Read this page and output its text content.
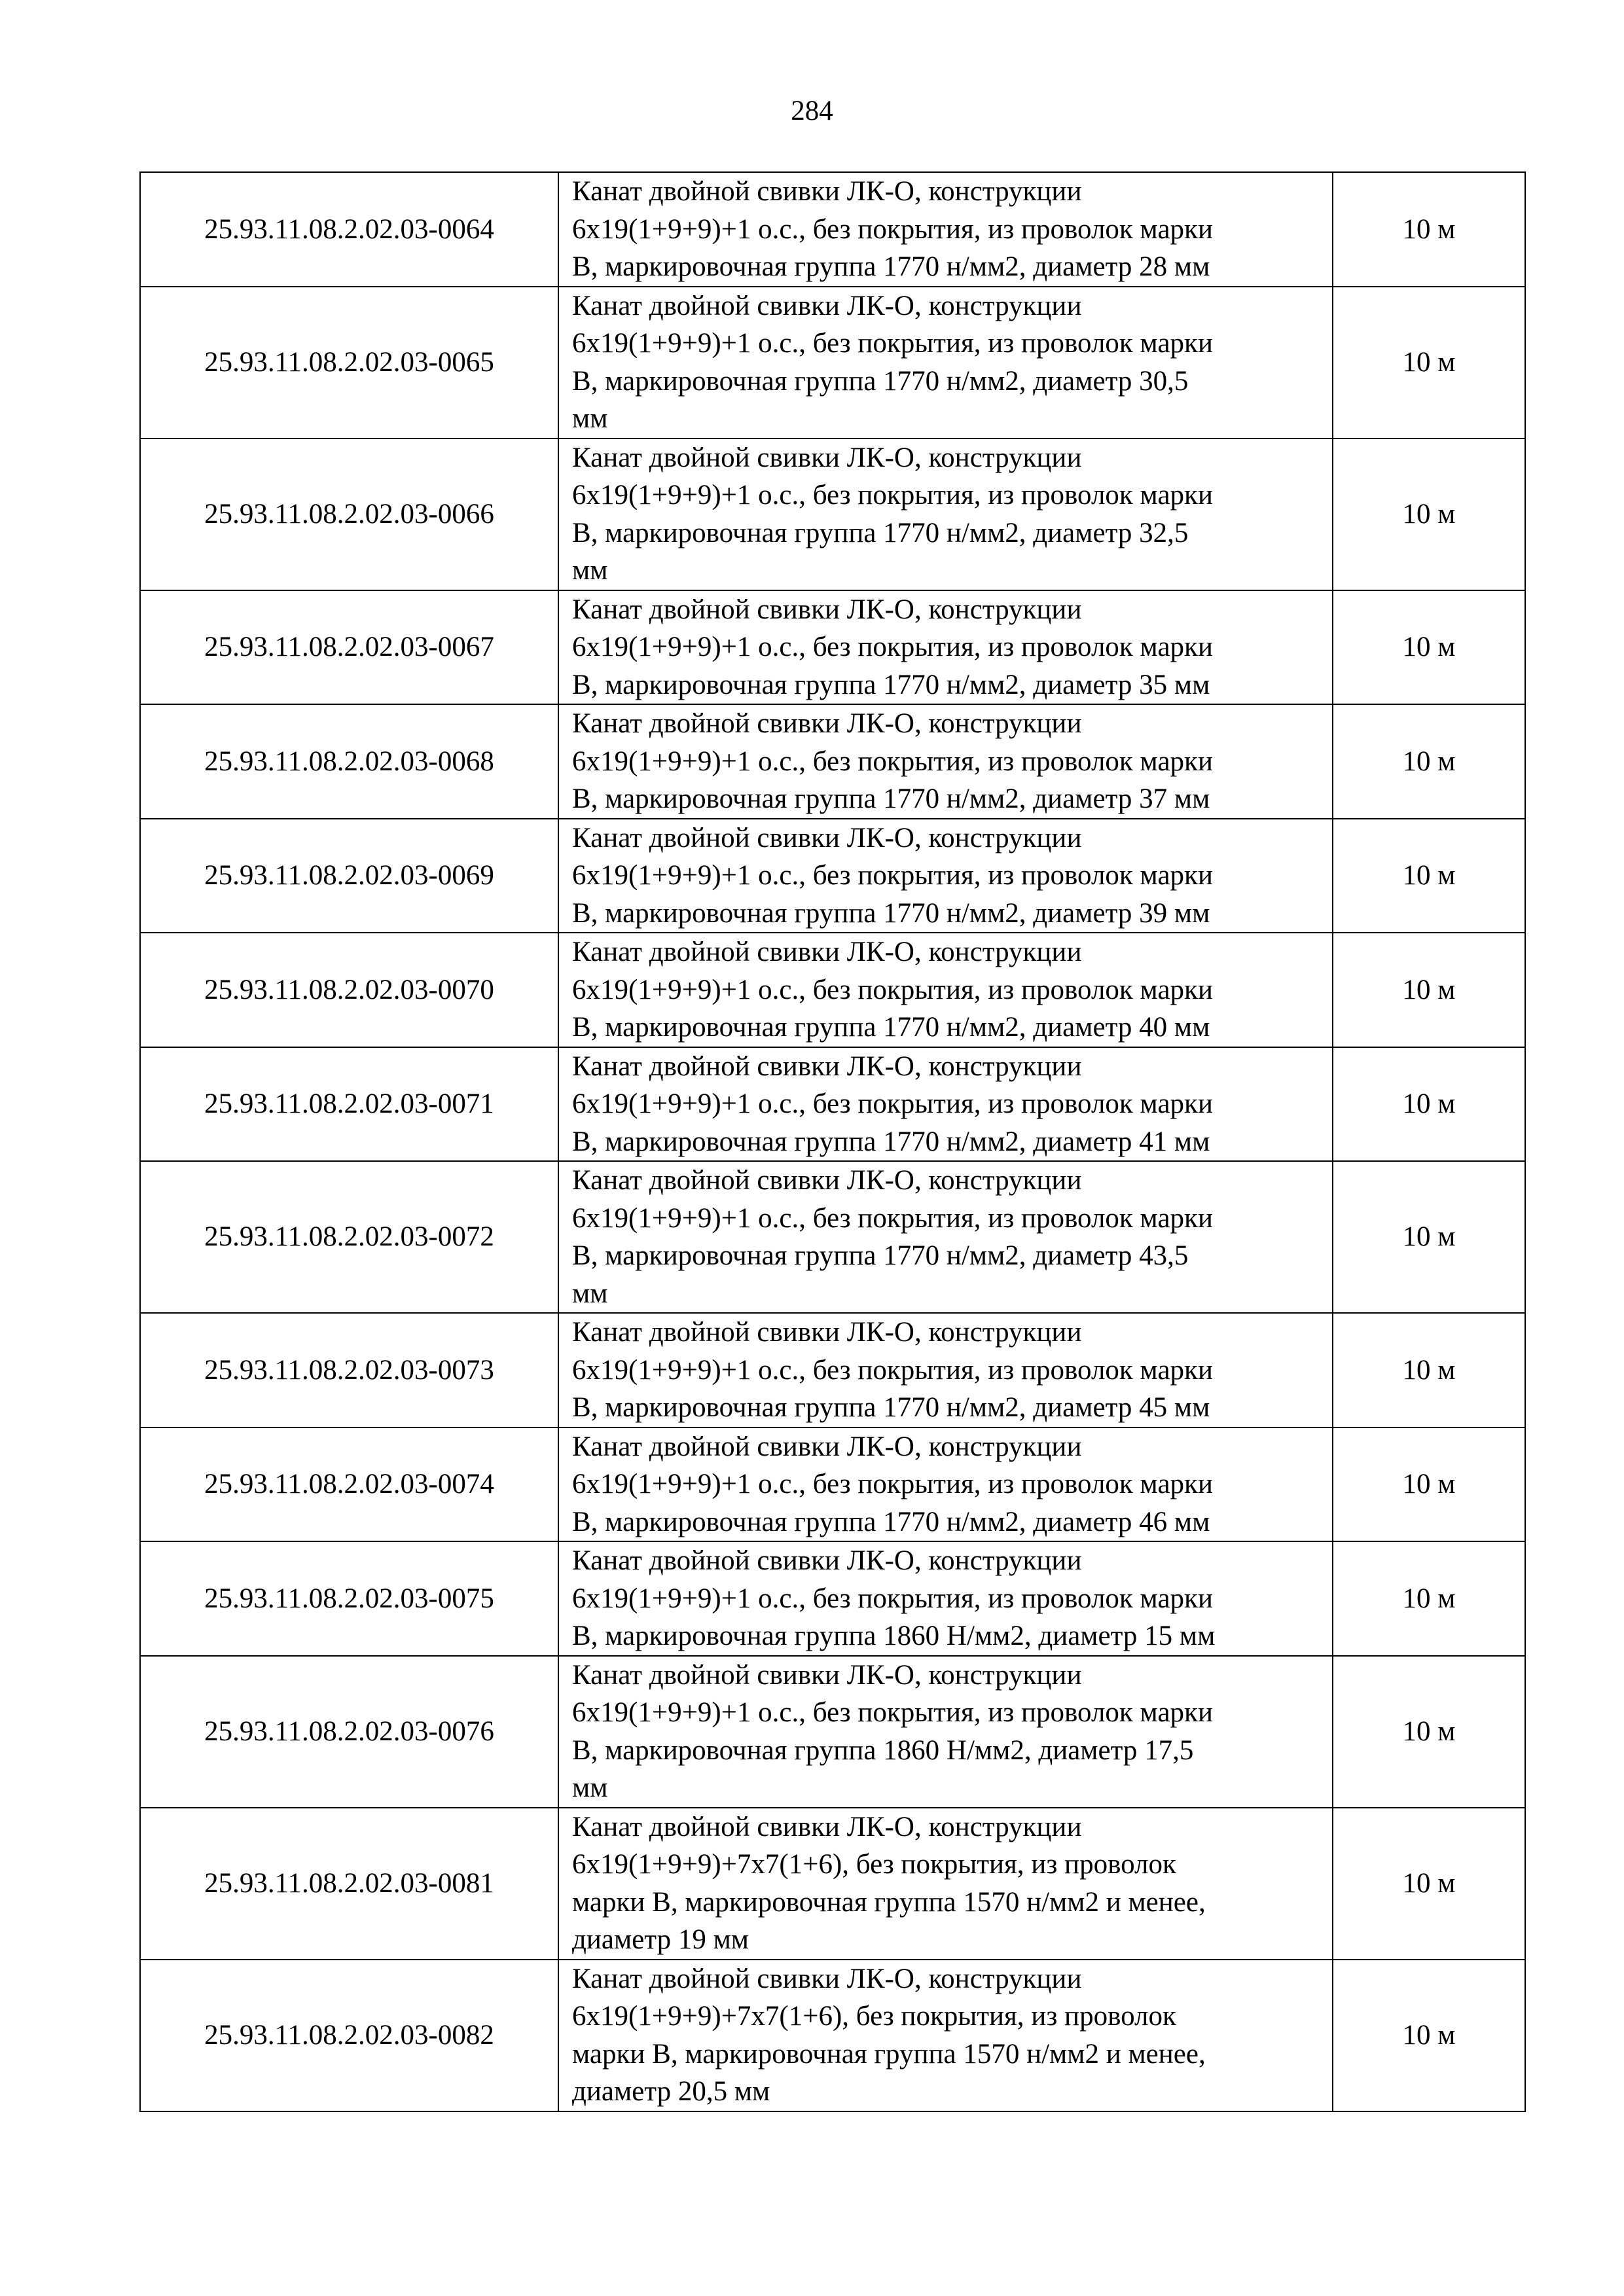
284
25.93.11.08.2.02.03-0064	Канат двойной свивки ЛК-О, конструкции
6х19(1+9+9)+1 о.с., без покрытия, из проволок марки
В, маркировочная группа 1770 н/мм2, диаметр 28 мм	10 м
25.93.11.08.2.02.03-0065	Канат двойной свивки ЛК-О, конструкции
6х19(1+9+9)+1 о.с., без покрытия, из проволок марки
В, маркировочная группа 1770 н/мм2, диаметр 30,5
мм	10 м
25.93.11.08.2.02.03-0066	Канат двойной свивки ЛК-О, конструкции
6х19(1+9+9)+1 о.с., без покрытия, из проволок марки
В, маркировочная группа 1770 н/мм2, диаметр 32,5
мм	10 м
25.93.11.08.2.02.03-0067	Канат двойной свивки ЛК-О, конструкции
6х19(1+9+9)+1 о.с., без покрытия, из проволок марки
В, маркировочная группа 1770 н/мм2, диаметр 35 мм	10 м
25.93.11.08.2.02.03-0068	Канат двойной свивки ЛК-О, конструкции
6х19(1+9+9)+1 о.с., без покрытия, из проволок марки
В, маркировочная группа 1770 н/мм2, диаметр 37 мм	10 м
25.93.11.08.2.02.03-0069	Канат двойной свивки ЛК-О, конструкции
6х19(1+9+9)+1 о.с., без покрытия, из проволок марки
В, маркировочная группа 1770 н/мм2, диаметр 39 мм	10 м
25.93.11.08.2.02.03-0070	Канат двойной свивки ЛК-О, конструкции
6х19(1+9+9)+1 о.с., без покрытия, из проволок марки
В, маркировочная группа 1770 н/мм2, диаметр 40 мм	10 м
25.93.11.08.2.02.03-0071	Канат двойной свивки ЛК-О, конструкции
6х19(1+9+9)+1 о.с., без покрытия, из проволок марки
В, маркировочная группа 1770 н/мм2, диаметр 41 мм	10 м
25.93.11.08.2.02.03-0072	Канат двойной свивки ЛК-О, конструкции
6х19(1+9+9)+1 о.с., без покрытия, из проволок марки
В, маркировочная группа 1770 н/мм2, диаметр 43,5
мм	10 м
25.93.11.08.2.02.03-0073	Канат двойной свивки ЛК-О, конструкции
6х19(1+9+9)+1 о.с., без покрытия, из проволок марки
В, маркировочная группа 1770 н/мм2, диаметр 45 мм	10 м
25.93.11.08.2.02.03-0074	Канат двойной свивки ЛК-О, конструкции
6х19(1+9+9)+1 о.с., без покрытия, из проволок марки
В, маркировочная группа 1770 н/мм2, диаметр 46 мм	10 м
25.93.11.08.2.02.03-0075	Канат двойной свивки ЛК-О, конструкции
6х19(1+9+9)+1 о.с., без покрытия, из проволок марки
В, маркировочная группа 1860 Н/мм2, диаметр 15 мм	10 м
25.93.11.08.2.02.03-0076	Канат двойной свивки ЛК-О, конструкции
6х19(1+9+9)+1 о.с., без покрытия, из проволок марки
В, маркировочная группа 1860 Н/мм2, диаметр 17,5
мм	10 м
25.93.11.08.2.02.03-0081	Канат двойной свивки ЛК-О, конструкции
6х19(1+9+9)+7х7(1+6), без покрытия, из проволок
марки В, маркировочная группа 1570 н/мм2 и менее,
диаметр 19 мм	10 м
25.93.11.08.2.02.03-0082	Канат двойной свивки ЛК-О, конструкции
6х19(1+9+9)+7х7(1+6), без покрытия, из проволок
марки В, маркировочная группа 1570 н/мм2 и менее,
диаметр 20,5 мм	10 м
